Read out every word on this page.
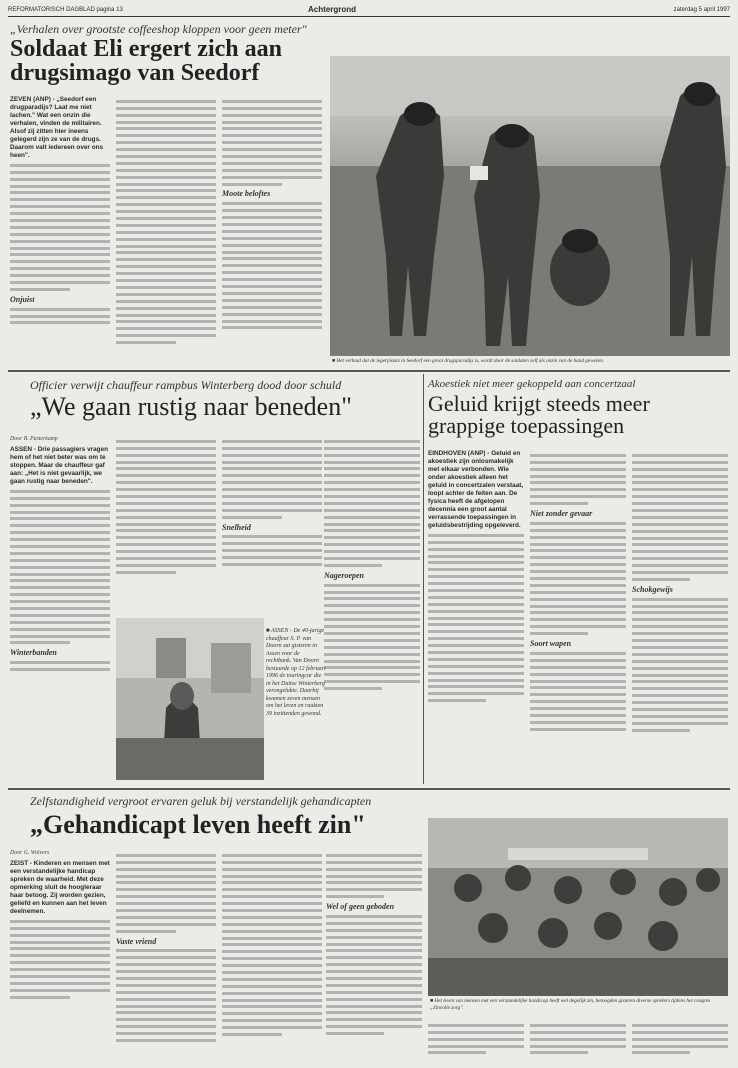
REFORMATORISCH DAGBLAD pagina 13	Achtergrond	zaterdag 5 april 1997
„Verhalen over grootste coffeeshop kloppen voor geen meter"
Soldaat Eli ergert zich aan drugsimago van Seedorf
ZEVEN (ANP) - „Seedorf een drugparadijs? Laat me niet lachen." Wat een onzin die verhalen, vinden de militairen. Alsof zij zitten hier ineens gelegerd zijn ze van de drugs. Daarom valt iedereen over ons heen".
Onjuist
Moote beloftes
■ Het verhaal dat de legerplaats in Seedorf een groot drugsparadijs is, wordt door de soldaten zelf als onzin van de hand gewezen.
Officier verwijt chauffeur rampbus Winterberg dood door schuld
„We gaan rustig naar beneden"
Door R. Pasterkamp
ASSEN - Drie passagiers vragen hem of het niet beter was om te stoppen. Maar de chauffeur gaf aan: „Het is niet gevaarlijk, we gaan rustig naar beneden".
Winterbanden
Snelheid
Nageroepen
■ ASSEN - De 40-jarige chauffeur S. P. van Doorn zat gisteren in Assen voor de rechtbank. Van Doorn bestuurde op 12 februari 1996 de touringcar die in het Duitse Winterberg verongelukte. Daarbij kwamen zeven mensen om het leven en raakten 39 inzittenden gewond.
Akoestiek niet meer gekoppeld aan concertzaal
Geluid krijgt steeds meer grappige toepassingen
EINDHOVEN (ANP) - Geluid en akoestiek zijn onlosmakelijk met elkaar verbonden. Wie onder akoestiek alleen het geluid in concertzalen verstaat, loopt achter de feiten aan. De fysica heeft de afgelopen decennia een groot aantal verrassende toepassingen in geluidsbestrijding opgeleverd.
Niet zonder gevaar
Soort wapen
Schokgewijs
Zelfstandigheid vergroot ervaren geluk bij verstandelijk gehandicapten
„Gehandicapt leven heeft zin"
Door G. Wolvers
ZEIST - Kinderen en mensen met een verstandelijke handicap spreken de waarheid. Met deze opmerking sluit de hoogleraar haar betoog. Zij worden gezien, geliefd en kunnen aan het leven deelnemen.
Vaste vriend
Wel of geen geboden
■ Het leven van mensen met een verstandelijke handicap heeft wel degelijk zin, betoogden gisteren diverse sprekers tijdens het congres „Zinvolle zorg".
